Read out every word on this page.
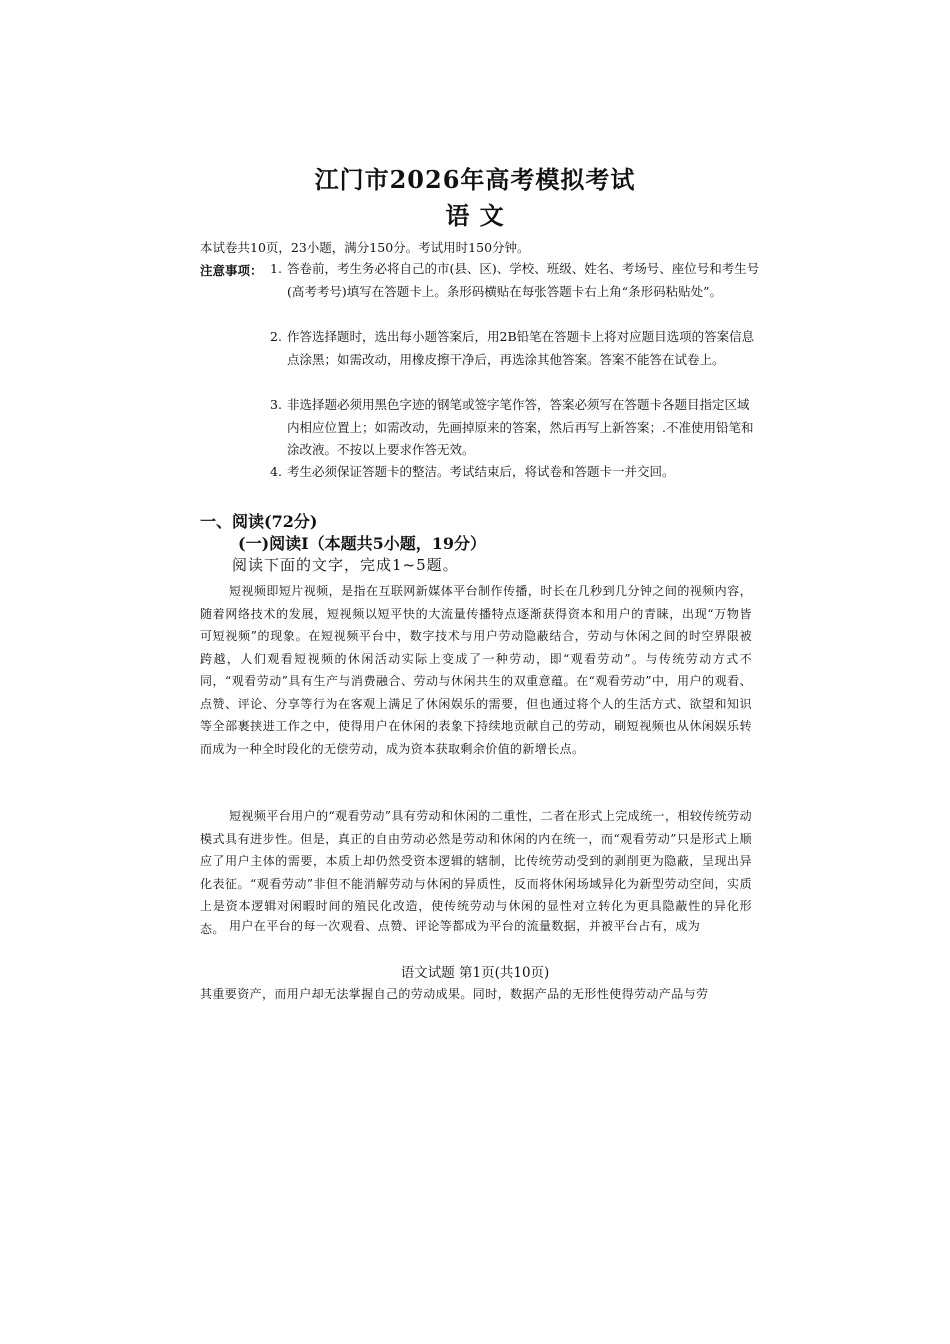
江门市2026年高考模拟考试
语 文
本试卷共10页，23小题，满分150分。考试用时150分钟。
注意事项： 1. 答卷前，考生务必将自己的市(县、区)、学校、班级、姓名、考场号、座位号和考生号(高考考号)填写在答题卡上。条形码横贴在每张答题卡右上角“条形码粘贴处”。
2. 作答选择题时，选出每小题答案后，用2B铅笔在答题卡上将对应题目选项的答案信息点涂黑；如需改动，用橡皮擦干净后，再选涂其他答案。答案不能答在试卷上。
3. 非选择题必须用黑色字迹的钢笔或签字笔作答，答案必须写在答题卡各题目指定区域内相应位置上；如需改动，先画掉原来的答案，然后再写上新答案；.不准使用铅笔和涂改液。不按以上要求作答无效。
4. 考生必须保证答题卡的整洁。考试结束后，将试卷和答题卡一并交回。
一、阅读(72分)
(一)阅读Ⅰ（本题共5小题，19分）
阅读下面的文字，完成1~5题。
短视频即短片视频，是指在互联网新媒体平台制作传播，时长在几秒到几分钟之间的视频内容，随着网络技术的发展，短视频以短平快的大流量传播特点逐渐获得资本和用户的青睐，出现“万物皆可短视频”的现象。在短视频平台中，数字技术与用户劳动隐蔽结合，劳动与休闲之间的时空界限被跨越，人们观看短视频的休闲活动实际上变成了一种劳动，即“观看劳动”。与传统劳动方式不同，“观看劳动”具有生产与消费融合、劳动与休闲共生的双重意蕴。在“观看劳动”中，用户的观看、点赞、评论、分享等行为在客观上满足了休闲娱乐的需要，但也通过将个人的生活方式、欲望和知识等全部裹挟进工作之中，使得用户在休闲的表象下持续地贡献自己的劳动，刷短视频也从休闲娱乐转而成为一种全时段化的无偿劳动，成为资本获取剩余价值的新增长点。
短视频平台用户的“观看劳动”具有劳动和休闲的二重性，二者在形式上完成统一，相较传统劳动模式具有进步性。但是，真正的自由劳动必然是劳动和休闲的内在统一，而“观看劳动”只是形式上顺应了用户主体的需要，本质上却仍然受资本逻辑的辖制，比传统劳动受到的剥削更为隐蔽，呈现出异化表征。“观看劳动”非但不能消解劳动与休闲的异质性，反而将休闲场域异化为新型劳动空间，实质上是资本逻辑对闲暇时间的殖民化改造，使传统劳动与休闲的显性对立转化为更具隐蔽性的异化形态。 用户在平台的每一次观看、点赞、评论等都成为平台的流量数据，并被平台占有，成为
语文试题 第1页(共10页)
其重要资产，而用户却无法掌握自己的劳动成果。同时，数据产品的无形性使得劳动产品与劳
